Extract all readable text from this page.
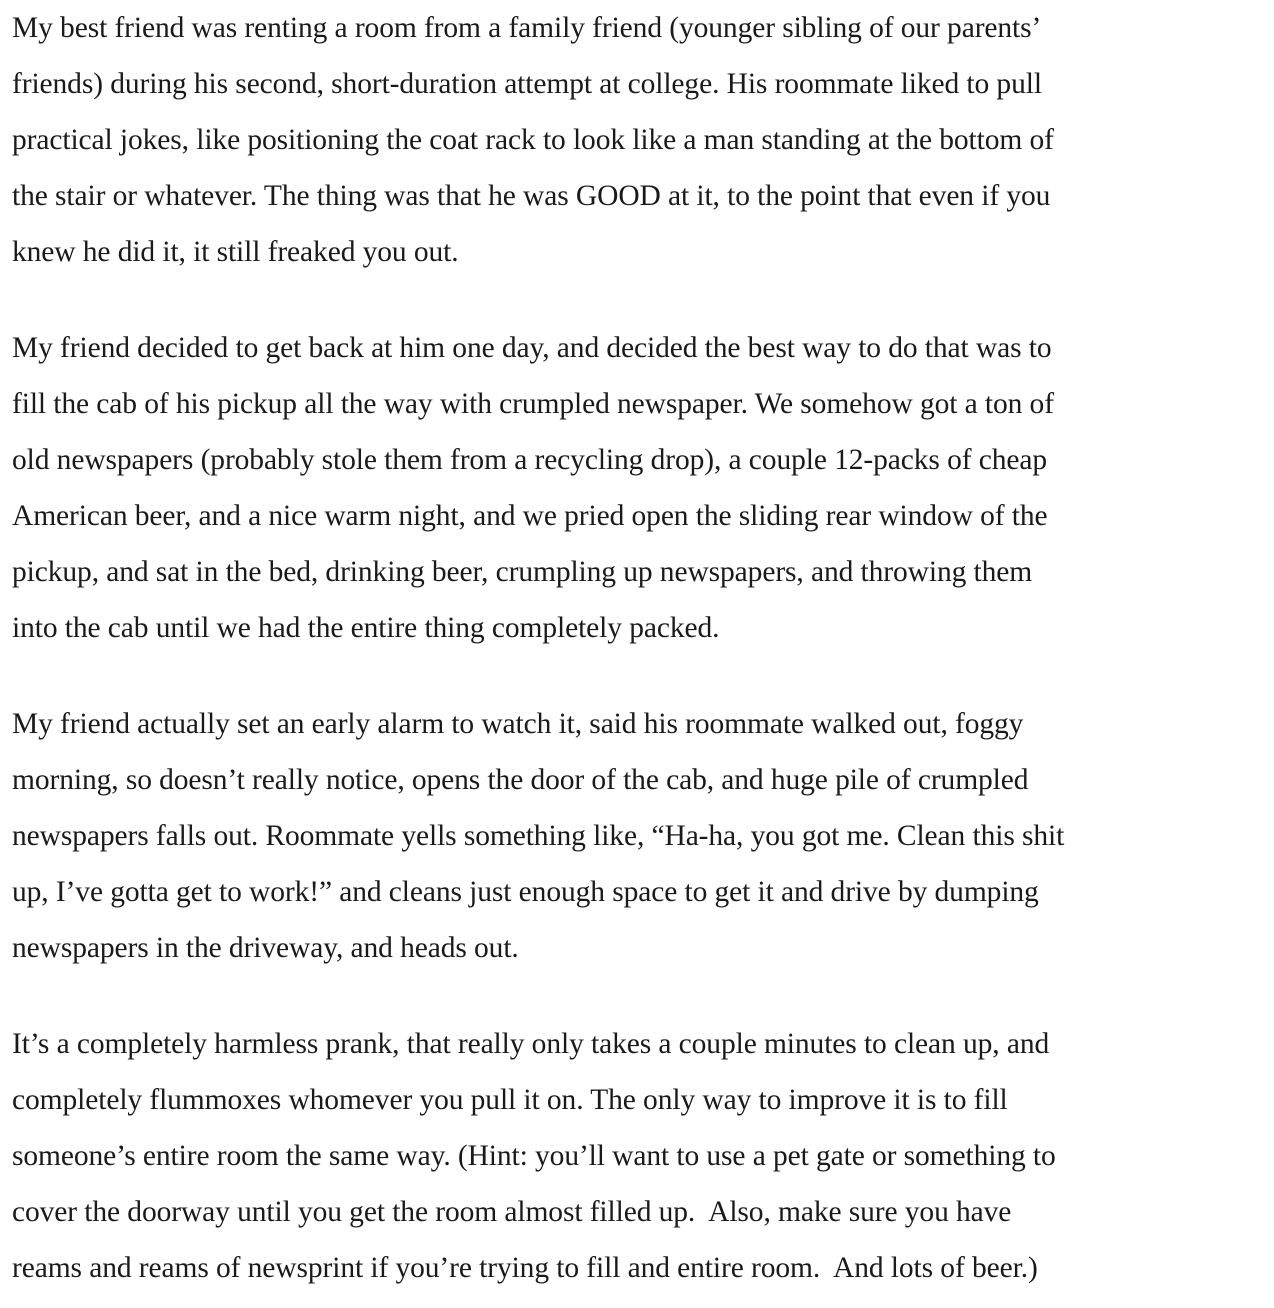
My best friend was renting a room from a family friend (younger sibling of our parents’
friends) during his second, short-duration attempt at college. His roommate liked to pull
practical jokes, like positioning the coat rack to look like a man standing at the bottom of
the stair or whatever. The thing was that he was GOOD at it, to the point that even if you
knew he did it, it still freaked you out.

My friend decided to get back at him one day, and decided the best way to do that was to
fill the cab of his pickup all the way with crumpled newspaper. We somehow got a ton of
old newspapers (probably stole them from a recycling drop), a couple 12-packs of cheap
American beer, and a nice warm night, and we pried open the sliding rear window of the
pickup, and sat in the bed, drinking beer, crumpling up newspapers, and throwing them
into the cab until we had the entire thing completely packed.

My friend actually set an early alarm to watch it, said his roommate walked out, foggy
morning, so doesn’t really notice, opens the door of the cab, and huge pile of crumpled
newspapers falls out. Roommate yells something like, “Ha-ha, you got me. Clean this shit
up, I’ve gotta get to work!” and cleans just enough space to get it and drive by dumping
newspapers in the driveway, and heads out.

It’s a completely harmless prank, that really only takes a couple minutes to clean up, and
completely flummoxes whomever you pull it on. The only way to improve it is to fill
someone’s entire room the same way. (Hint: you’ll want to use a pet gate or something to
cover the doorway until you get the room almost filled up.  Also, make sure you have
reams and reams of newsprint if you’re trying to fill and entire room.  And lots of beer.)
